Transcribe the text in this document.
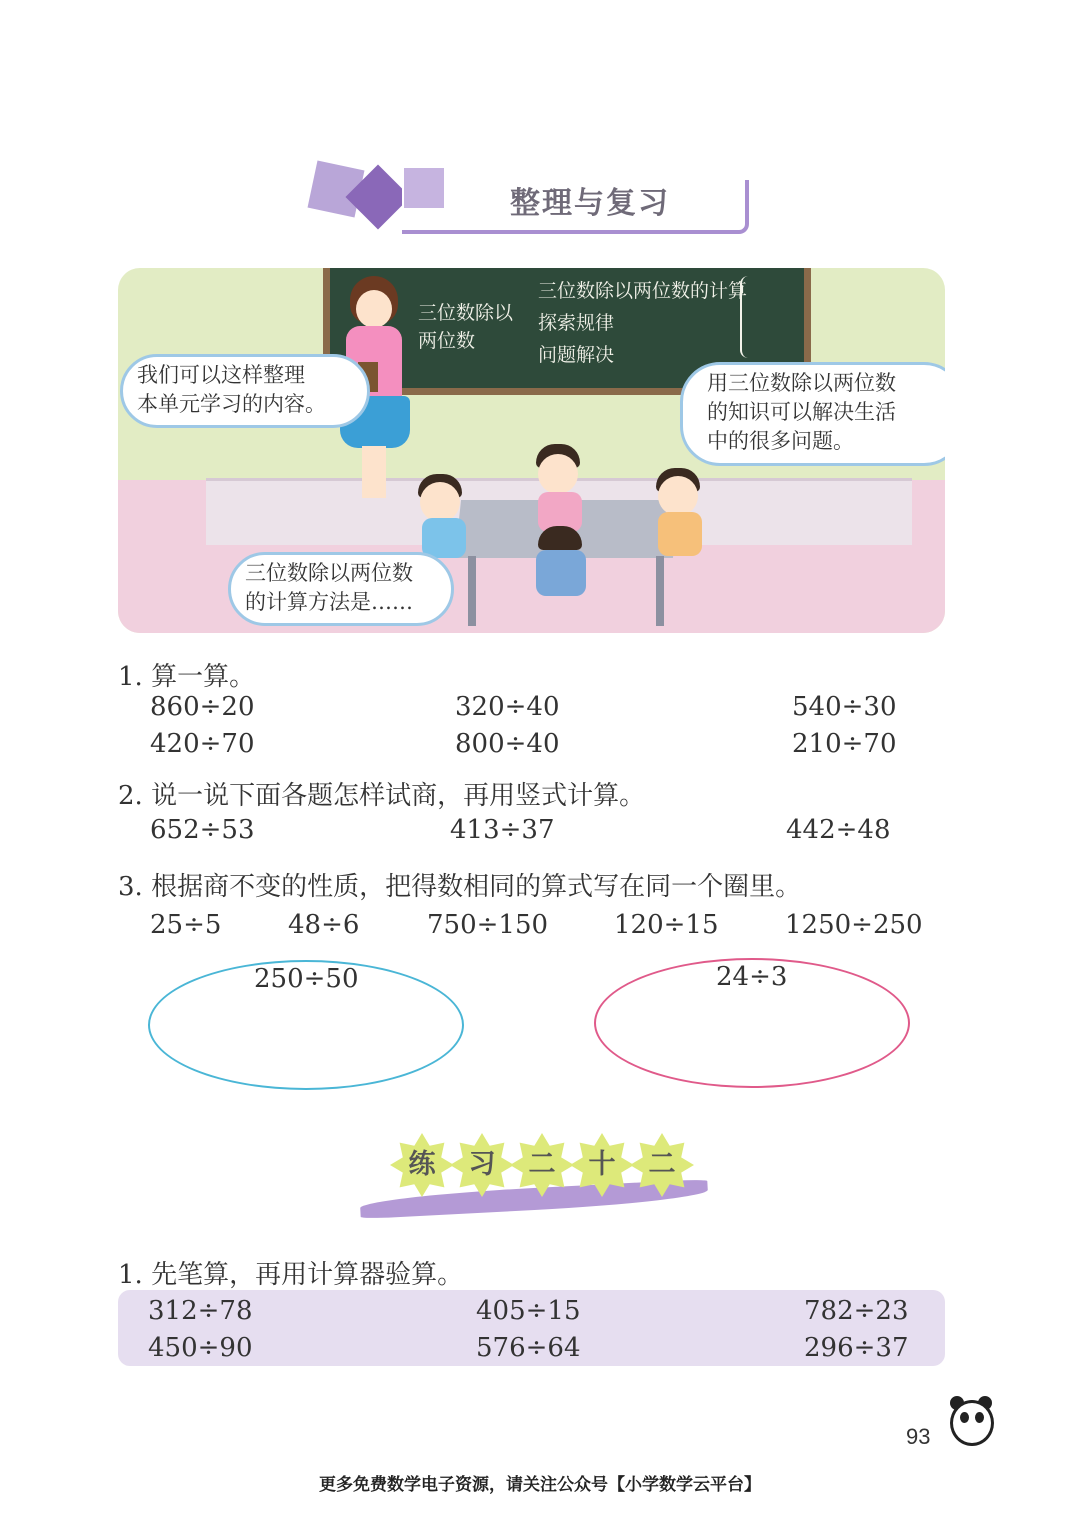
整理与复习
三位数除以
两位数
三位数除以两位数的计算
探索规律
问题解决
我们可以这样整理
本单元学习的内容。
用三位数除以两位数
的知识可以解决生活
中的很多问题。
三位数除以两位数
的计算方法是……
1. 算一算。
860÷20	320÷40	540÷30
420÷70	800÷40	210÷70
2. 说一说下面各题怎样试商，再用竖式计算。
652÷53	413÷37	442÷48
3. 根据商不变的性质，把得数相同的算式写在同一个圈里。
25÷5	48÷6	750÷150	120÷15	1250÷250
250÷50	24÷3
练	习	二	十	二
1. 先笔算，再用计算器验算。
312÷78	405÷15	782÷23
450÷90	576÷64	296÷37
93
更多免费数学电子资源，请关注公众号【小学数学云平台】
